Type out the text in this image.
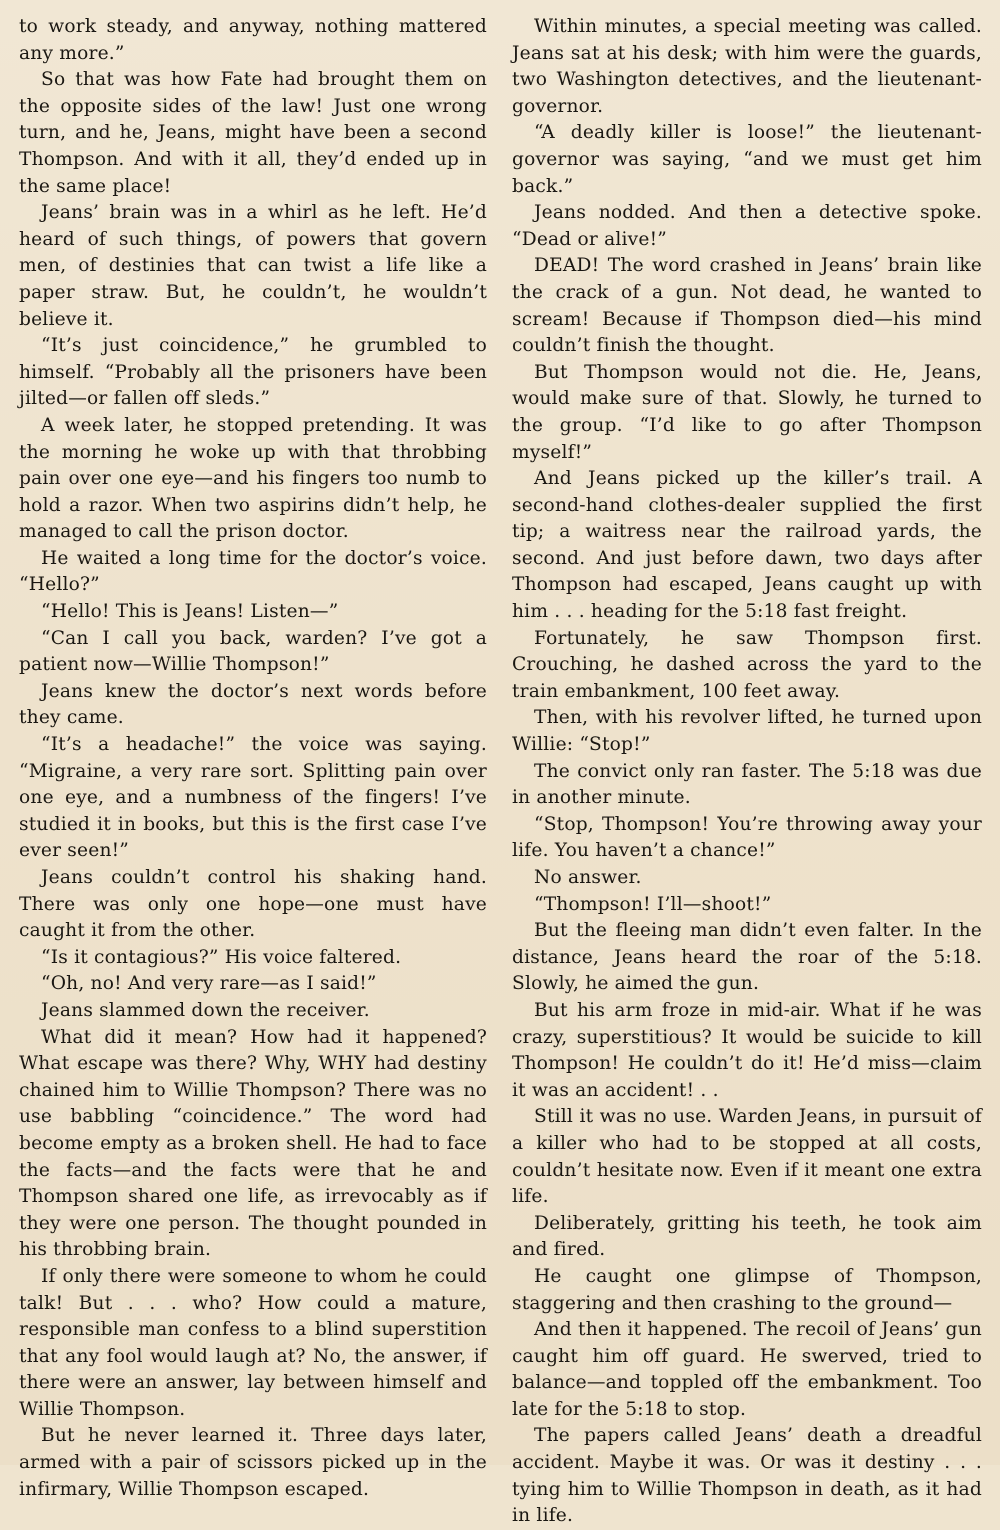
to work steady, and anyway, nothing mattered any more.”

So that was how Fate had brought them on the opposite sides of the law! Just one wrong turn, and he, Jeans, might have been a second Thompson. And with it all, they’d ended up in the same place!

Jeans’ brain was in a whirl as he left. He’d heard of such things, of powers that govern men, of destinies that can twist a life like a paper straw. But, he couldn’t, he wouldn’t believe it.

“It’s just coincidence,” he grumbled to himself. “Probably all the prisoners have been jilted—or fallen off sleds.”

A week later, he stopped pretending. It was the morning he woke up with that throbbing pain over one eye—and his fingers too numb to hold a razor. When two aspirins didn’t help, he managed to call the prison doctor.

He waited a long time for the doctor’s voice. “Hello?”

“Hello! This is Jeans! Listen—”

“Can I call you back, warden? I’ve got a patient now—Willie Thompson!”

Jeans knew the doctor’s next words before they came.

“It’s a headache!” the voice was saying. “Migraine, a very rare sort. Splitting pain over one eye, and a numbness of the fingers! I’ve studied it in books, but this is the first case I’ve ever seen!”

Jeans couldn’t control his shaking hand. There was only one hope—one must have caught it from the other.

“Is it contagious?” His voice faltered.

“Oh, no! And very rare—as I said!”

Jeans slammed down the receiver.

What did it mean? How had it happened? What escape was there? Why, WHY had destiny chained him to Willie Thompson? There was no use babbling “coincidence.” The word had become empty as a broken shell. He had to face the facts—and the facts were that he and Thompson shared one life, as irrevocably as if they were one person. The thought pounded in his throbbing brain.

If only there were someone to whom he could talk! But . . . who? How could a mature, responsible man confess to a blind superstition that any fool would laugh at? No, the answer, if there were an answer, lay between himself and Willie Thompson.

But he never learned it. Three days later, armed with a pair of scissors picked up in the infirmary, Willie Thompson escaped.

Within minutes, a special meeting was called. Jeans sat at his desk; with him were the guards, two Washington detectives, and the lieutenant-governor.

“A deadly killer is loose!” the lieutenant-governor was saying, “and we must get him back.”

Jeans nodded. And then a detective spoke. “Dead or alive!”

DEAD! The word crashed in Jeans’ brain like the crack of a gun. Not dead, he wanted to scream! Because if Thompson died—his mind couldn’t finish the thought.

But Thompson would not die. He, Jeans, would make sure of that. Slowly, he turned to the group. “I’d like to go after Thompson myself!”

And Jeans picked up the killer’s trail. A second-hand clothes-dealer supplied the first tip; a waitress near the railroad yards, the second. And just before dawn, two days after Thompson had escaped, Jeans caught up with him . . . heading for the 5:18 fast freight.

Fortunately, he saw Thompson first. Crouching, he dashed across the yard to the train embankment, 100 feet away.

Then, with his revolver lifted, he turned upon Willie: “Stop!”

The convict only ran faster. The 5:18 was due in another minute.

“Stop, Thompson! You’re throwing away your life. You haven’t a chance!”

No answer.

“Thompson! I’ll—shoot!”

But the fleeing man didn’t even falter. In the distance, Jeans heard the roar of the 5:18. Slowly, he aimed the gun.

But his arm froze in mid-air. What if he was crazy, superstitious? It would be suicide to kill Thompson! He couldn’t do it! He’d miss—claim it was an accident! . .

Still it was no use. Warden Jeans, in pursuit of a killer who had to be stopped at all costs, couldn’t hesitate now. Even if it meant one extra life.

Deliberately, gritting his teeth, he took aim and fired.

He caught one glimpse of Thompson, staggering and then crashing to the ground—

And then it happened. The recoil of Jeans’ gun caught him off guard. He swerved, tried to balance—and toppled off the embankment. Too late for the 5:18 to stop.

The papers called Jeans’ death a dreadful accident. Maybe it was. Or was it destiny . . . tying him to Willie Thompson in death, as it had in life.
